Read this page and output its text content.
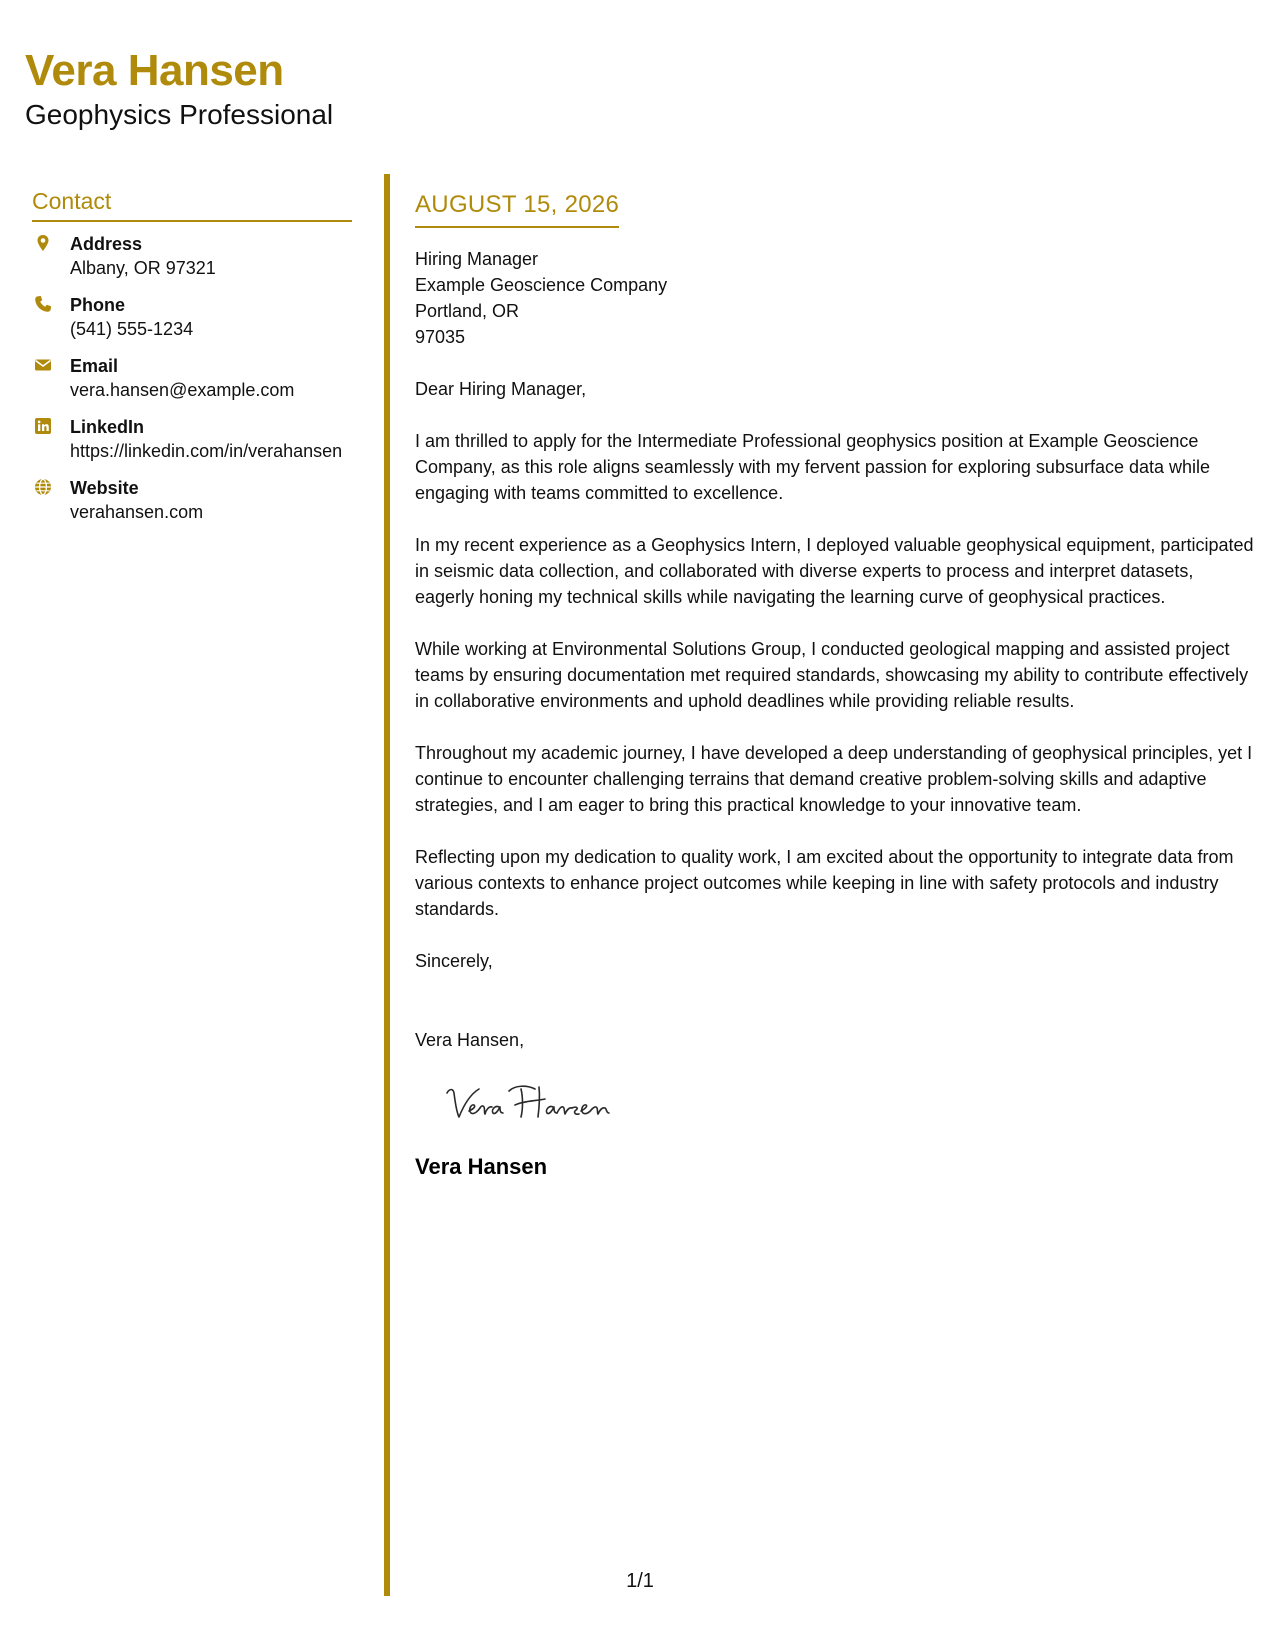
Vera Hansen
Geophysics Professional
Contact
Address
Albany, OR 97321
Phone
(541) 555-1234
Email
vera.hansen@example.com
LinkedIn
https://linkedin.com/in/verahansen
Website
verahansen.com
AUGUST 15, 2026
Hiring Manager
Example Geoscience Company
Portland, OR
97035
Dear Hiring Manager,
I am thrilled to apply for the Intermediate Professional geophysics position at Example Geoscience Company, as this role aligns seamlessly with my fervent passion for exploring subsurface data while engaging with teams committed to excellence.
In my recent experience as a Geophysics Intern, I deployed valuable geophysical equipment, participated in seismic data collection, and collaborated with diverse experts to process and interpret datasets, eagerly honing my technical skills while navigating the learning curve of geophysical practices.
While working at Environmental Solutions Group, I conducted geological mapping and assisted project teams by ensuring documentation met required standards, showcasing my ability to contribute effectively in collaborative environments and uphold deadlines while providing reliable results.
Throughout my academic journey, I have developed a deep understanding of geophysical principles, yet I continue to encounter challenging terrains that demand creative problem-solving skills and adaptive strategies, and I am eager to bring this practical knowledge to your innovative team.
Reflecting upon my dedication to quality work, I am excited about the opportunity to integrate data from various contexts to enhance project outcomes while keeping in line with safety protocols and industry standards.
Sincerely,
Vera Hansen,
Vera Hansen
1/1
